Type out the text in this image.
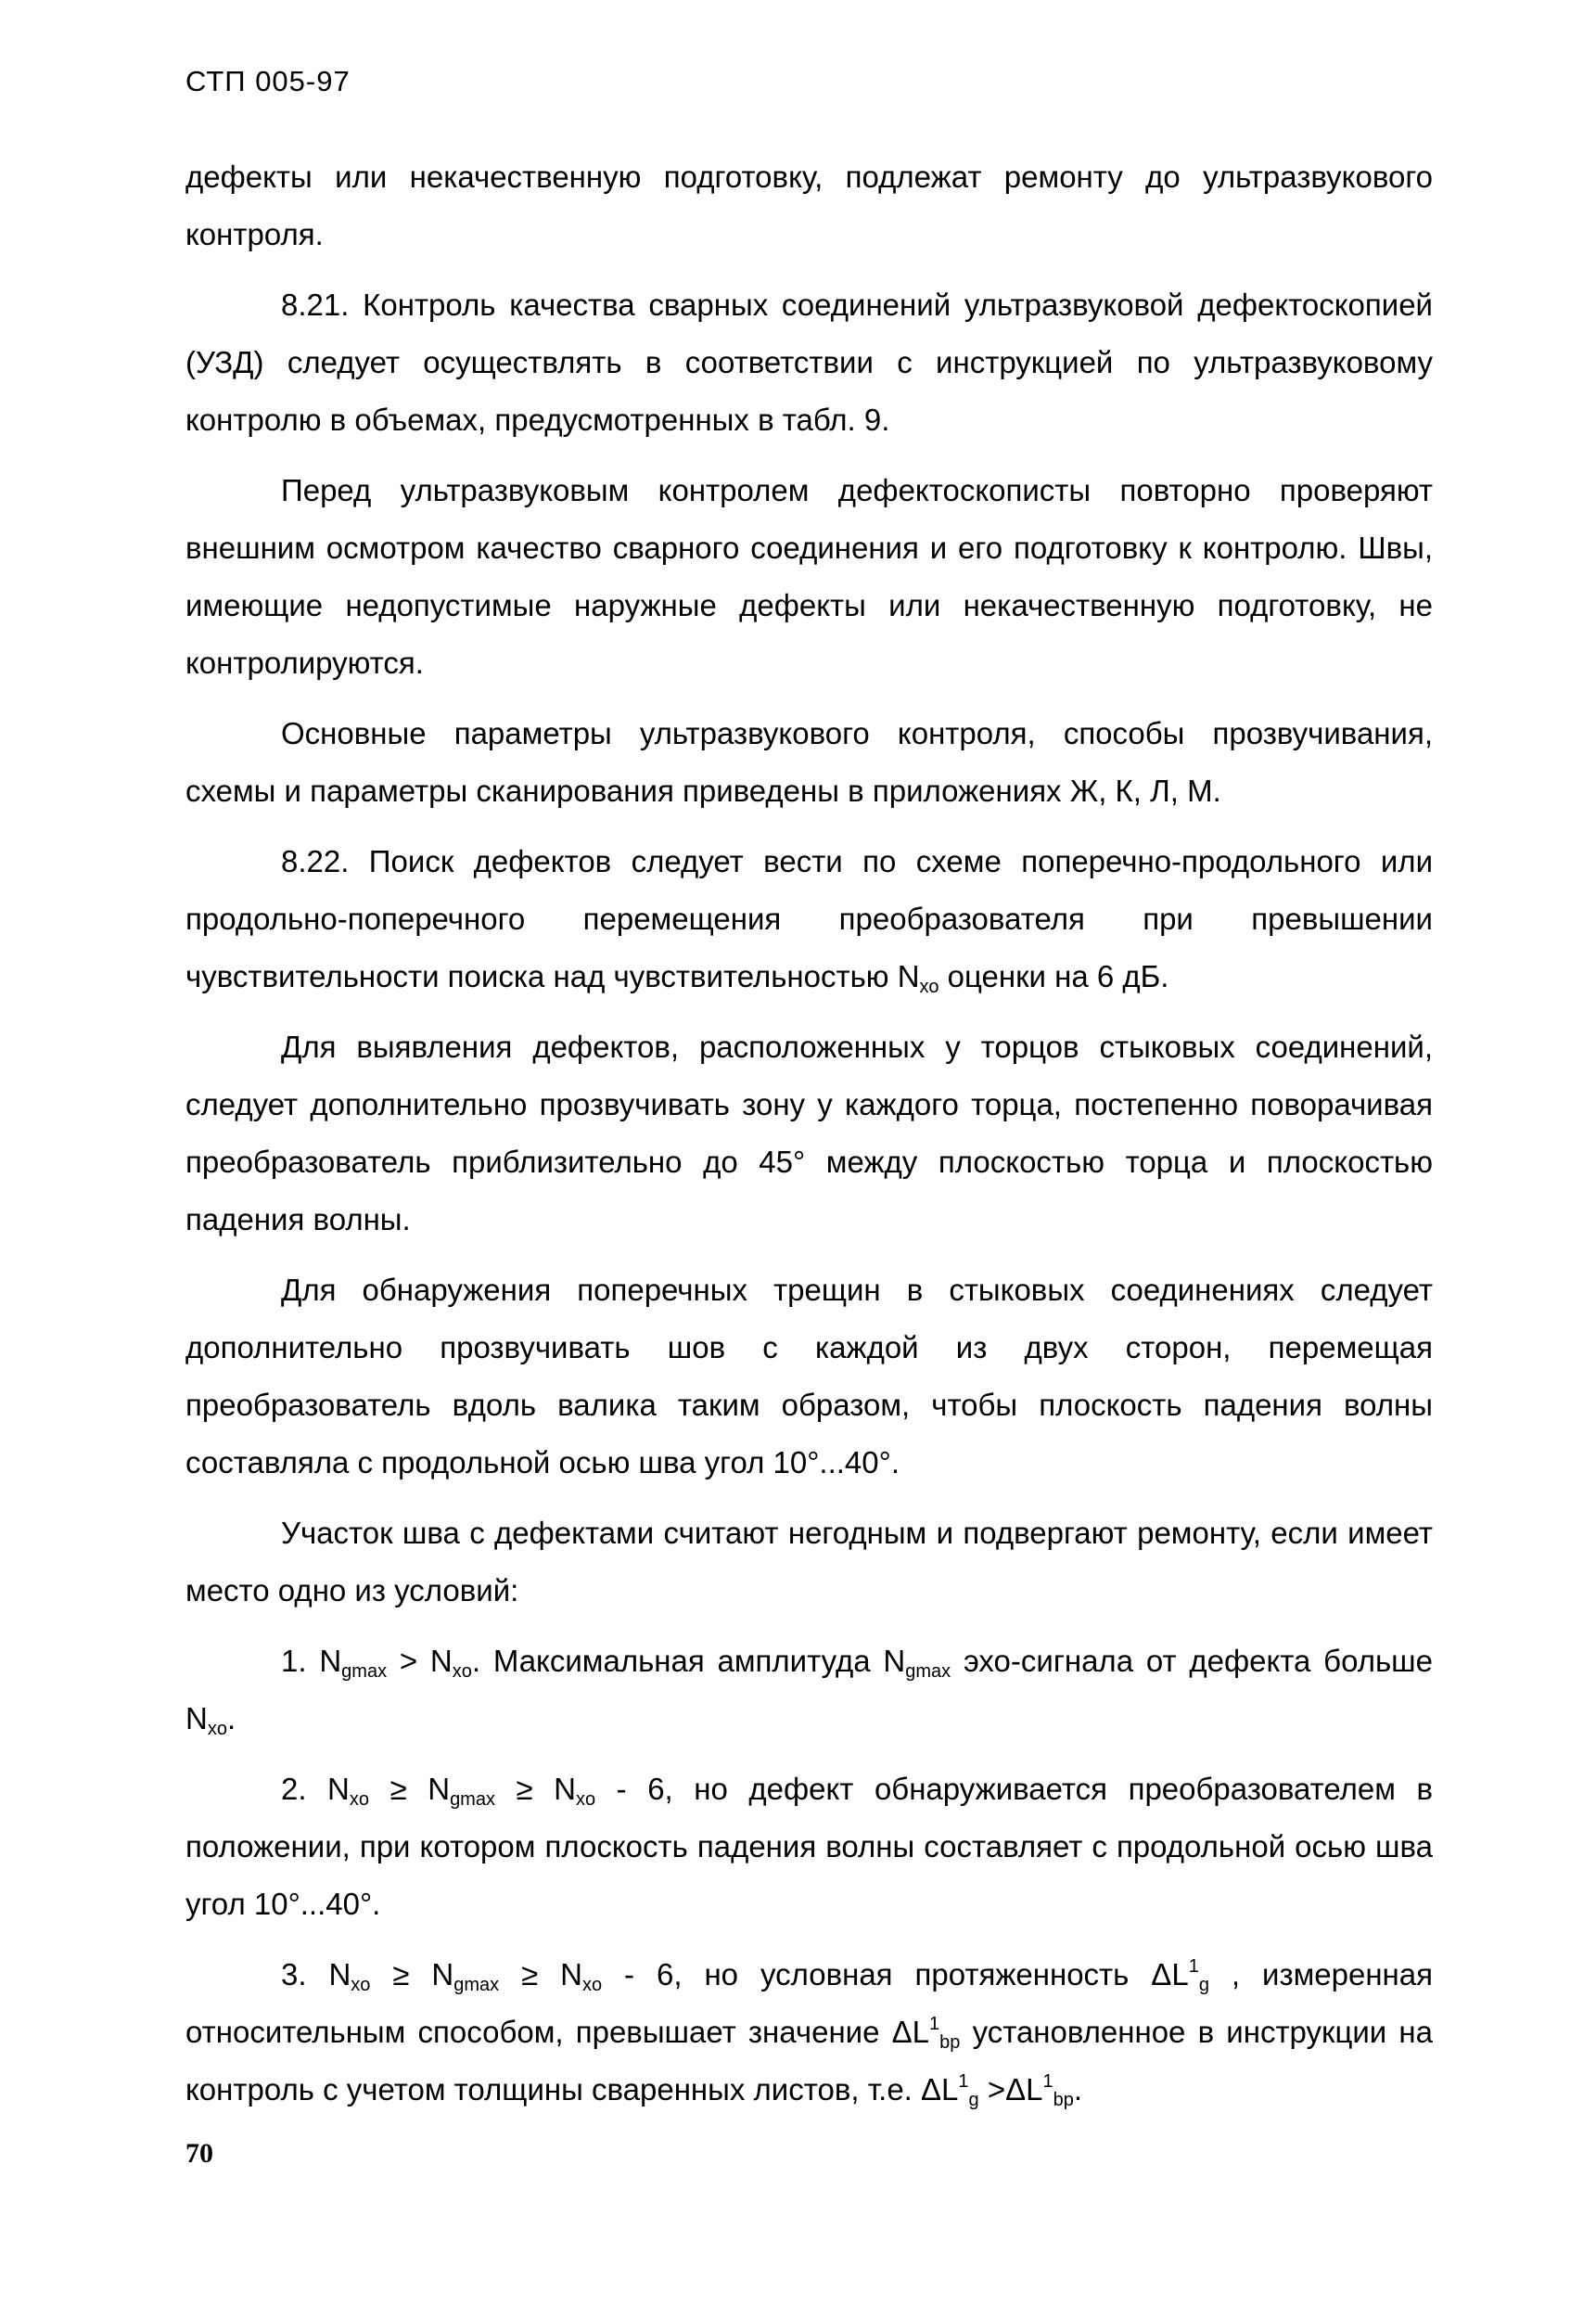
СТП 005-97

дефекты или некачественную подготовку, подлежат ремонту до ультразвукового контроля.

8.21. Контроль качества сварных соединений ультразвуковой дефектоскопией (УЗД) следует осуществлять в соответствии с инструкцией по ультразвуковому контролю в объемах, предусмотренных в табл. 9.

Перед ультразвуковым контролем дефектоскописты повторно проверяют внешним осмотром качество сварного соединения и его подготовку к контролю. Швы, имеющие недопустимые наружные дефекты или некачественную подготовку, не контролируются.

Основные параметры ультразвукового контроля, способы прозвучивания, схемы и параметры сканирования приведены в приложениях Ж, К, Л, М.

8.22. Поиск дефектов следует вести по схеме поперечно-продольного или продольно-поперечного перемещения преобразователя при превышении чувствительности поиска над чувствительностью $N_{хо}$ оценки на 6 дБ.

Для выявления дефектов, расположенных у торцов стыковых соединений, следует дополнительно прозвучивать зону у каждого торца, постепенно поворачивая преобразователь приблизительно до 45° между плоскостью торца и плоскостью падения волны.

Для обнаружения поперечных трещин в стыковых соединениях следует дополнительно прозвучивать шов с каждой из двух сторон, перемещая преобразователь вдоль валика таким образом, чтобы плоскость падения волны составляла с продольной осью шва угол 10°...40°.

Участок шва с дефектами считают негодным и подвергают ремонту, если имеет место одно из условий:

1. $N_{gmax} > N_{xo}$. Максимальная амплитуда $N_{gmax}$ эхо-сигнала от дефекта больше $N_{xo}$.

2. $N_{xo} \ge N_{gmax} \ge N_{xo} - 6$, но дефект обнаруживается преобразователем в положении, при котором плоскость падения волны составляет с продольной осью шва угол 10°...40°.

3. $N_{xo} \ge N_{gmax} \ge N_{xo} - 6$, но условная протяженность $\Delta L^1_g$ , измеренная относительным способом, превышает значение $\Delta L^1_{bp}$ установленное в инструкции на контроль с учетом толщины сваренных листов, т.е. $\Delta L^1_g >\Delta L^1_{bp}$.

70
